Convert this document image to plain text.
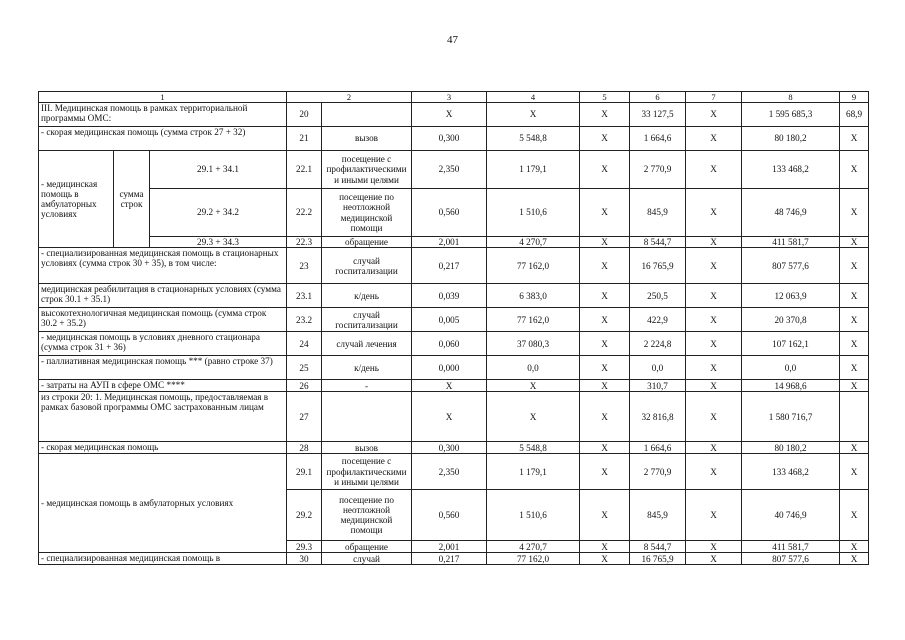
47
1			2		3	4	5	6	7	8	9
III. Медицинская помощь в рамках территориальной программы ОМС:			20		Х	Х	Х	33 127,5	Х	1 595 685,3	68,9
- скорая медицинская помощь (сумма строк 27 + 32)			21	вызов	0,300	5 548,8	Х	1 664,6	Х	80 180,2	Х
- медицинская помощь в амбулаторных условиях	сумма строк	29.1 + 34.1	22.1	посещение с профилактическими и иными целями	2,350	1 179,1	Х	2 770,9	Х	133 468,2	Х
		29.2 + 34.2	22.2	посещение по неотложной медицинской помощи	0,560	1 510,6	Х	845,9	Х	48 746,9	Х
		29.3 + 34.3	22.3	обращение	2,001	4 270,7	Х	8 544,7	Х	411 581,7	Х
- специализированная медицинская помощь в стационарных условиях (сумма строк 30 + 35), в том числе:			23	случай госпитализации	0,217	77 162,0	Х	16 765,9	Х	807 577,6	Х
медицинская реабилитация в стационарных условиях (сумма строк 30.1 + 35.1)			23.1	к/день	0,039	6 383,0	Х	250,5	Х	12 063,9	Х
высокотехнологичная медицинская помощь (сумма строк 30.2 + 35.2)			23.2	случай госпитализации	0,005	77 162,0	Х	422,9	Х	20 370,8	Х
- медицинская помощь в условиях дневного стационара (сумма строк 31 + 36)			24	случай лечения	0,060	37 080,3	Х	2 224,8	Х	107 162,1	Х
- паллиативная медицинская помощь *** (равно строке 37)			25	к/день	0,000	0,0	Х	0,0	Х	0,0	Х
- затраты на АУП в сфере ОМС ****			26	-	Х	Х	Х	310,7	Х	14 968,6	Х
из строки 20: 1. Медицинская помощь, предоставляемая в рамках базовой программы ОМС застрахованным лицам			27		Х	Х	Х	32 816,8	Х	1 580 716,7	
- скорая медицинская помощь			28	вызов	0,300	5 548,8	Х	1 664,6	Х	80 180,2	Х
- медицинская помощь в амбулаторных условиях			29.1	посещение с профилактическими и иными целями	2,350	1 179,1	Х	2 770,9	Х	133 468,2	Х
			29.2	посещение по неотложной медицинской помощи	0,560	1 510,6	Х	845,9	Х	40 746,9	Х
			29.3	обращение	2,001	4 270,7	Х	8 544,7	Х	411 581,7	Х
- специализированная медицинская помощь в			30	случай	0,217	77 162,0	Х	16 765,9	Х	807 577,6	Х
